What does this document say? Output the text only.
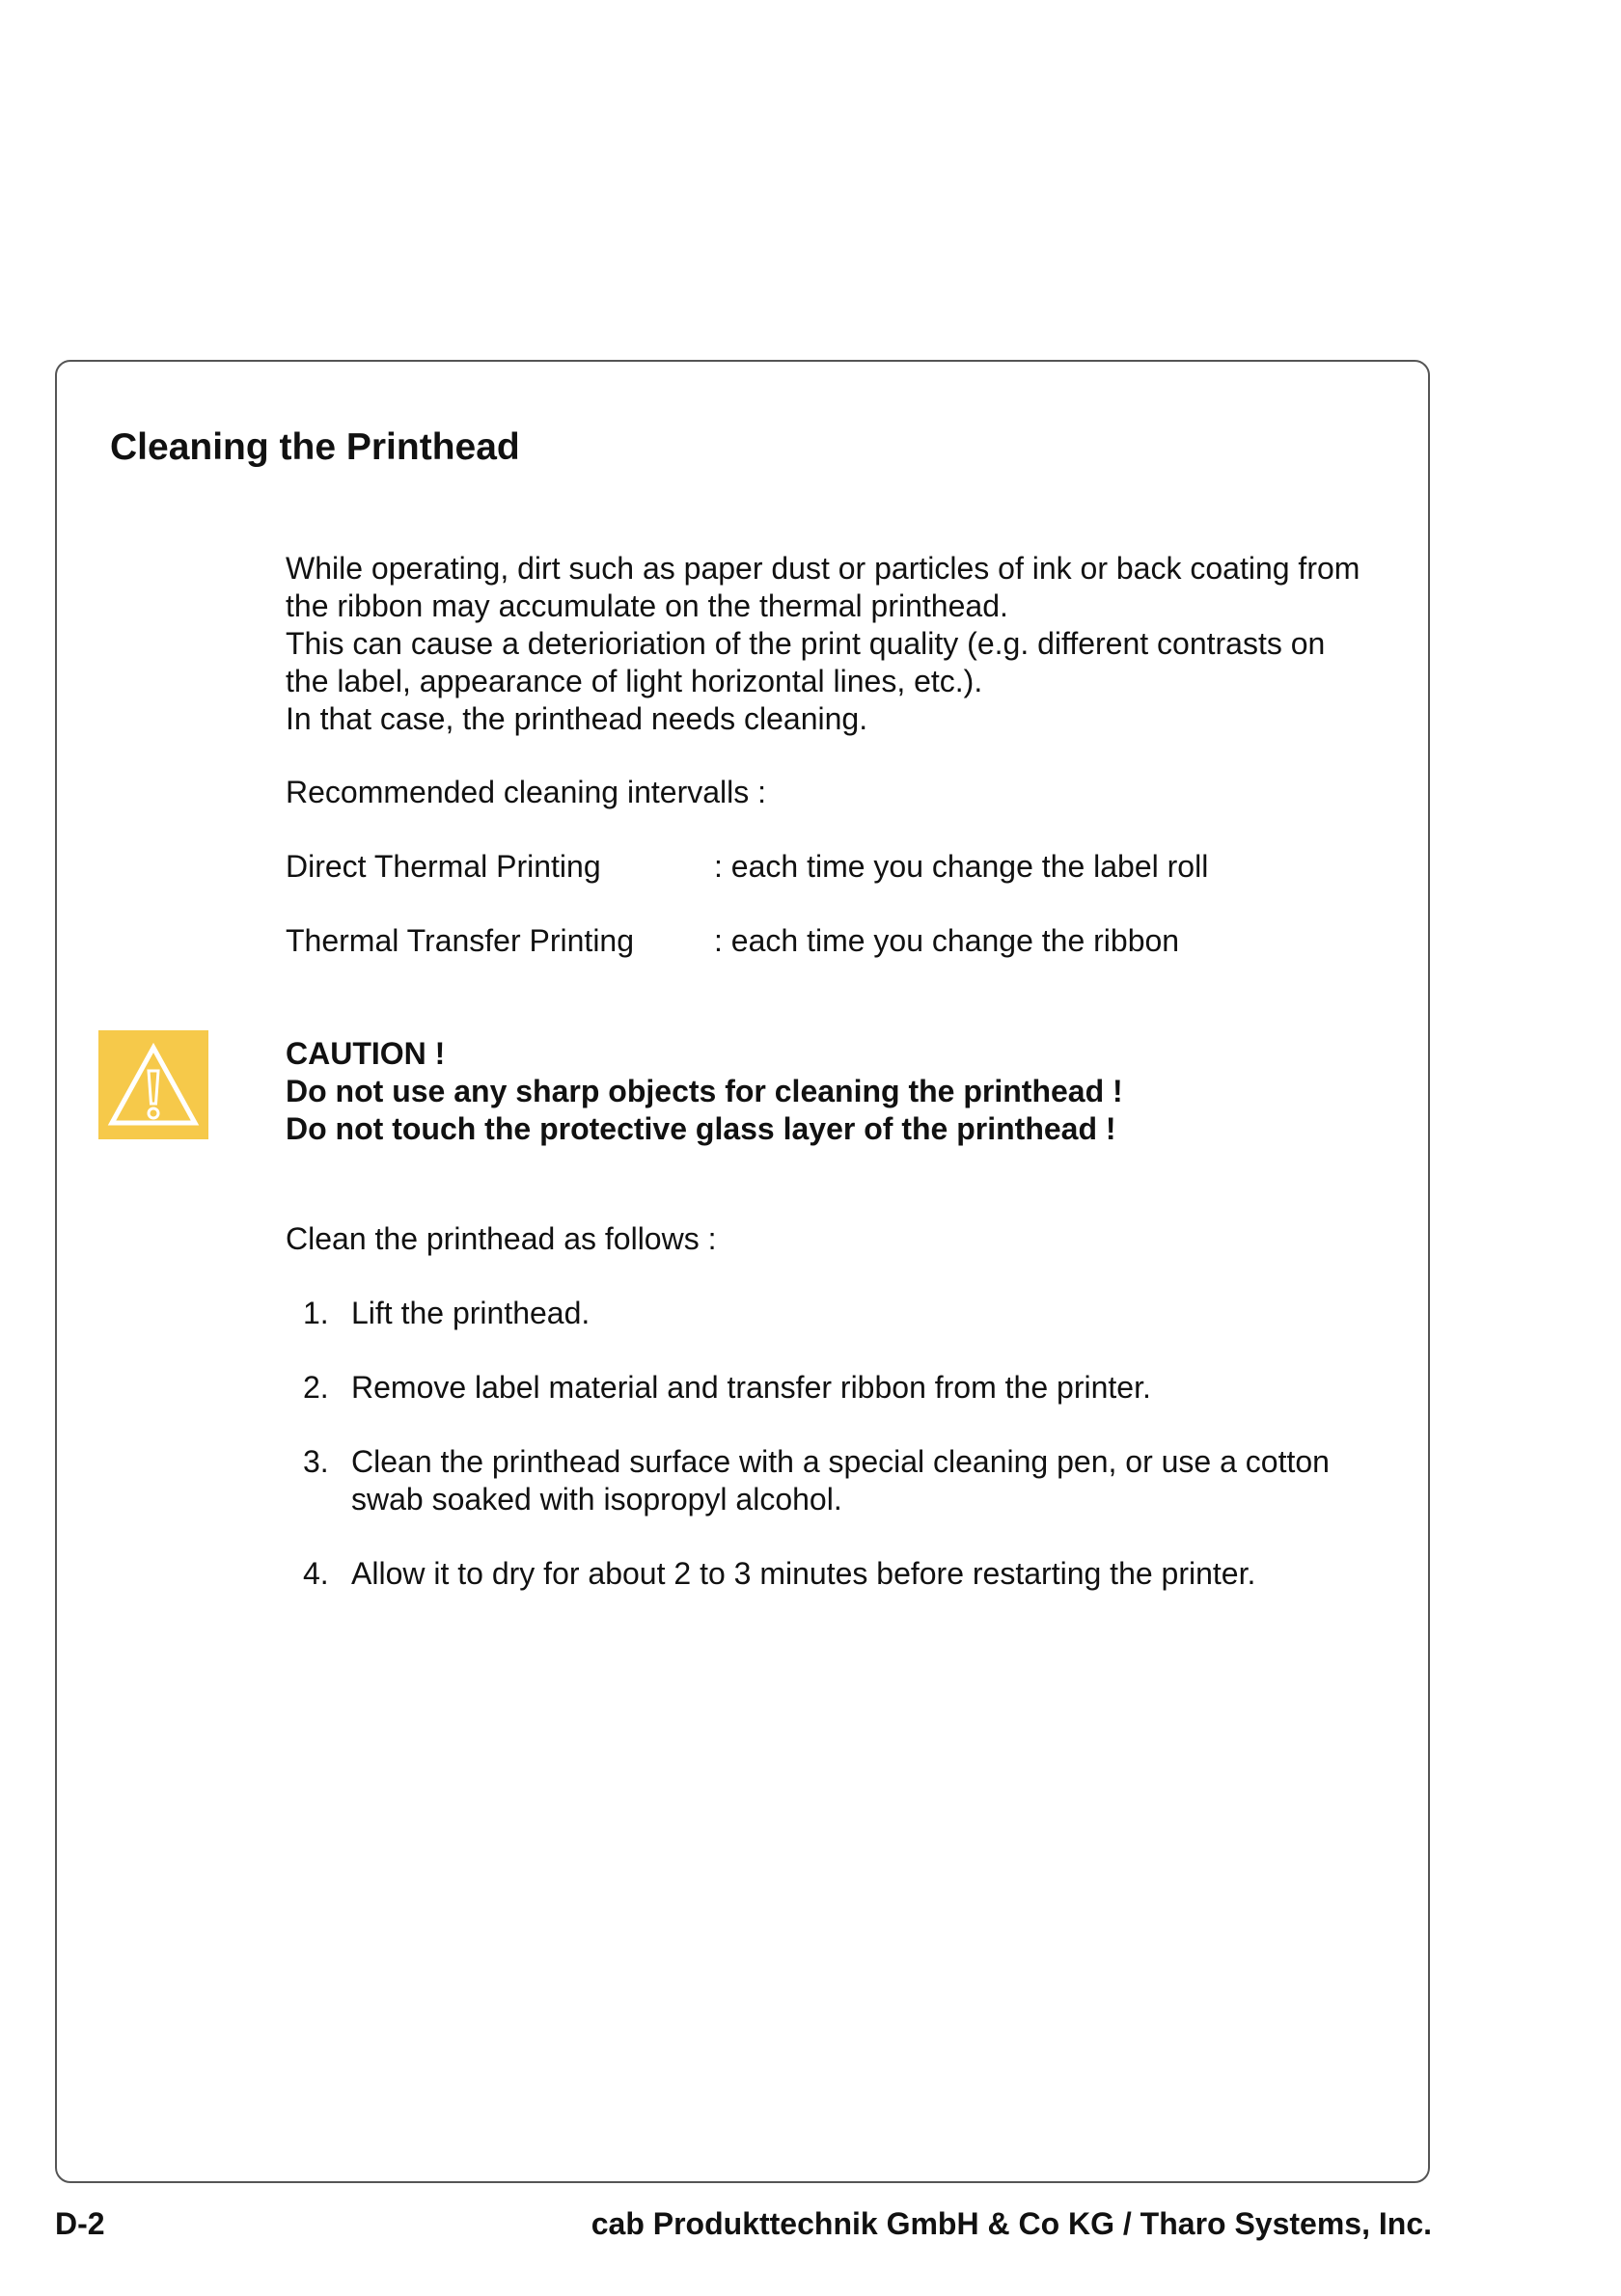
Cleaning the Printhead

While operating, dirt such as paper dust or particles of ink or back coating from

the ribbon may accumulate on the thermal printhead.

This can cause a deterioriation of the print quality (e.g. different contrasts on

the label, appearance of light horizontal lines, etc.).

In that case, the printhead needs cleaning.

Recommended cleaning intervalls :
Direct Thermal Printing	: each time you change the label roll
Thermal Transfer Printing	: each time you change the ribbon
CAUTION !
Do not use any sharp objects for cleaning the printhead !
Do not touch the protective glass layer of the printhead !
Clean the printhead as follows :
1. Lift the printhead.
2. Remove label material and transfer ribbon from the printer.
3. Clean the printhead surface with a special cleaning pen, or use a cotton swab soaked with isopropyl alcohol.
4. Allow it to dry for about 2 to 3 minutes before restarting the printer.
D-2	cab Produkttechnik GmbH & Co KG / Tharo Systems, Inc.
